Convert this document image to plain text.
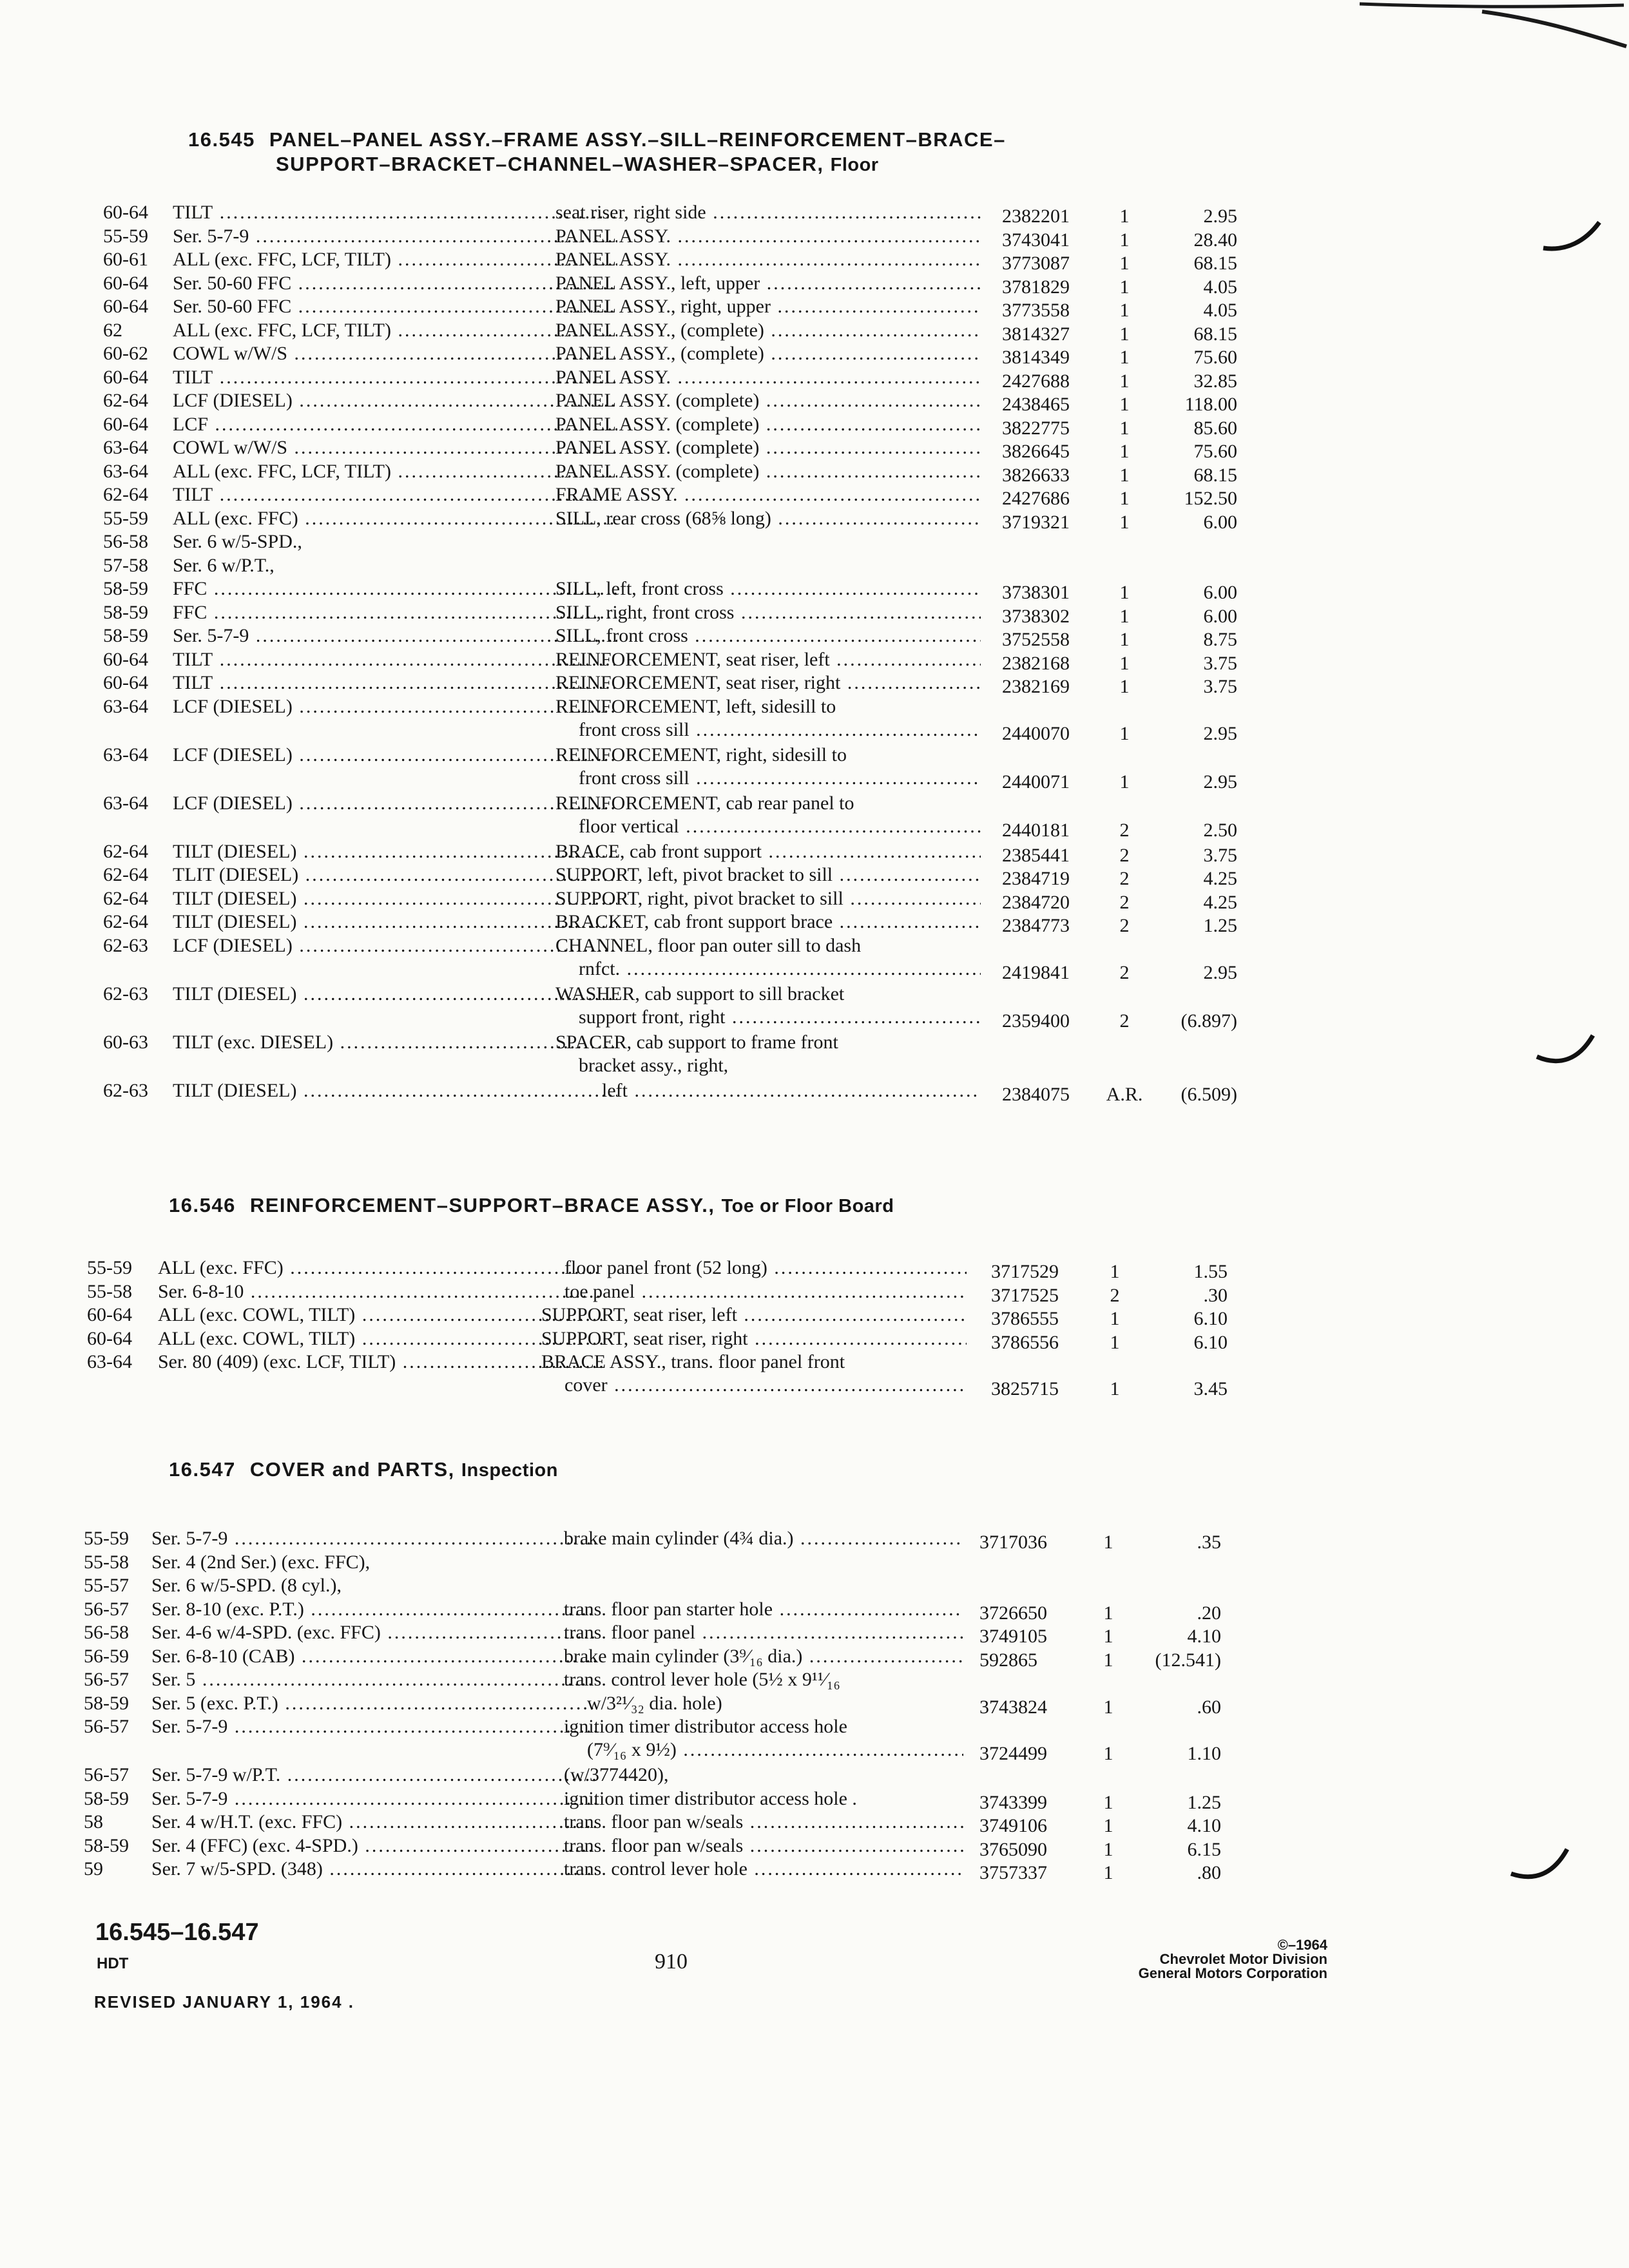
16.545 PANEL–PANEL ASSY.–FRAME ASSY.–SILL–REINFORCEMENT–BRACE–
SUPPORT–BRACKET–CHANNEL–WASHER–SPACER, Floor
60-64 TILT .....	seat riser, right side .....	2382201	1	2.95
55-59 Ser. 5-7-9 .....	PANEL ASSY. .....	3743041	1	28.40
60-61 ALL (exc. FFC, LCF, TILT) .....	PANEL ASSY. .....	3773087	1	68.15
60-64 Ser. 50-60 FFC .....	PANEL ASSY., left, upper .....	3781829	1	4.05
60-64 Ser. 50-60 FFC .....	PANEL ASSY., right, upper .....	3773558	1	4.05
62	ALL (exc. FFC, LCF, TILT) .....	PANEL ASSY., (complete) .....	3814327	1	68.15
60-62 COWL w/W/S .....	PANEL ASSY., (complete) .....	3814349	1	75.60
60-64 TILT .....	PANEL ASSY. .....	2427688	1	32.85
62-64 LCF (DIESEL) .....	PANEL ASSY. (complete) .....	2438465	1	118.00
60-64 LCF .....	PANEL ASSY. (complete) .....	3822775	1	85.60
63-64 COWL w/W/S .....	PANEL ASSY. (complete) .....	3826645	1	75.60
63-64 ALL (exc. FFC, LCF, TILT) .....	PANEL ASSY. (complete) .....	3826633	1	68.15
62-64 TILT .....	FRAME ASSY. .....	2427686	1	152.50
55-59 ALL (exc. FFC) .....	SILL, rear cross (68⅝ long) .....	3719321	1	6.00
56-58 Ser. 6 w/5-SPD.,
57-58 Ser. 6 w/P.T.,
58-59 FFC .....	SILL, left, front cross .....	3738301	1	6.00
58-59 FFC .....	SILL, right, front cross .....	3738302	1	6.00
58-59 Ser. 5-7-9 .....	SILL, front cross .....	3752558	1	8.75
60-64 TILT .....	REINFORCEMENT, seat riser, left .....	2382168	1	3.75
60-64 TILT .....	REINFORCEMENT, seat riser, right .....	2382169	1	3.75
63-64 LCF (DIESEL) .....	REINFORCEMENT, left, sidesill to
front cross sill .....	2440070	1	2.95
63-64 LCF (DIESEL) .....	REINFORCEMENT, right, sidesill to
front cross sill .....	2440071	1	2.95
63-64 LCF (DIESEL) .....	REINFORCEMENT, cab rear panel to
floor vertical .....	2440181	2	2.50
62-64 TILT (DIESEL) .....	BRACE, cab front support .....	2385441	2	3.75
62-64 TLIT (DIESEL) .....	SUPPORT, left, pivot bracket to sill .....	2384719	2	4.25
62-64 TILT (DIESEL) .....	SUPPORT, right, pivot bracket to sill .....	2384720	2	4.25
62-64 TILT (DIESEL) .....	BRACKET, cab front support brace .....	2384773	2	1.25
62-63 LCF (DIESEL) .....	CHANNEL, floor pan outer sill to dash
rnfct. .....	2419841	2	2.95
62-63 TILT (DIESEL) .....	WASHER, cab support to sill bracket
support front, right .....	2359400	2	(6.897)
60-63 TILT (exc. DIESEL) .....	SPACER, cab support to frame front
bracket assy., right,
62-63 TILT (DIESEL) .....	left .....	2384075	A.R.	(6.509)
16.546 REINFORCEMENT–SUPPORT–BRACE ASSY., Toe or Floor Board
55-59 ALL (exc. FFC) .....	floor panel front (52 long) .....	3717529	1	1.55
55-58 Ser. 6-8-10 .....	toe panel .....	3717525	2	.30
60-64 ALL (exc. COWL, TILT) .....	SUPPORT, seat riser, left .....	3786555	1	6.10
60-64 ALL (exc. COWL, TILT) .....	SUPPORT, seat riser, right .....	3786556	1	6.10
63-64 Ser. 80 (409) (exc. LCF, TILT) .....	BRACE ASSY., trans. floor panel front
cover .....	3825715	1	3.45
16.547 COVER and PARTS, Inspection
55-59 Ser. 5-7-9 .....	brake main cylinder (4¾ dia.) .....	3717036	1	.35
55-58 Ser. 4 (2nd Ser.) (exc. FFC),
55-57 Ser. 6 w/5-SPD. (8 cyl.),
56-57 Ser. 8-10 (exc. P.T.) .....	trans. floor pan starter hole .....	3726650	1	.20
56-58 Ser. 4-6 w/4-SPD. (exc. FFC) .....	trans. floor panel .....	3749105	1	4.10
56-59 Ser. 6-8-10 (CAB) .....	brake main cylinder (3⁹⁄₁₆ dia.) .....	592865	1	(12.541)
56-57 Ser. 5 .....	trans. control lever hole (5½ x 9¹¹⁄₁₆
58-59 Ser. 5 (exc. P.T.) .....	w/3²¹⁄₃₂ dia. hole)	3743824	1	.60
56-57 Ser. 5-7-9 .....	ignition timer distributor access hole
(7⁹⁄₁₆ x 9½) .....	3724499	1	1.10
56-57 Ser. 5-7-9 w/P.T. .....	(w/3774420),
58-59 Ser. 5-7-9 .....	ignition timer distributor access hole .	3743399	1	1.25
58	Ser. 4 w/H.T. (exc. FFC) .....	trans. floor pan w/seals .....	3749106	1	4.10
58-59 Ser. 4 (FFC) (exc. 4-SPD.) .....	trans. floor pan w/seals .....	3765090	1	6.15
59	Ser. 7 w/5-SPD. (348) .....	trans. control lever hole .....	3757337	1	.80
16.545–16.547
HDT
REVISED JANUARY 1, 1964 .
910
©–1964
Chevrolet Motor Division
General Motors Corporation
